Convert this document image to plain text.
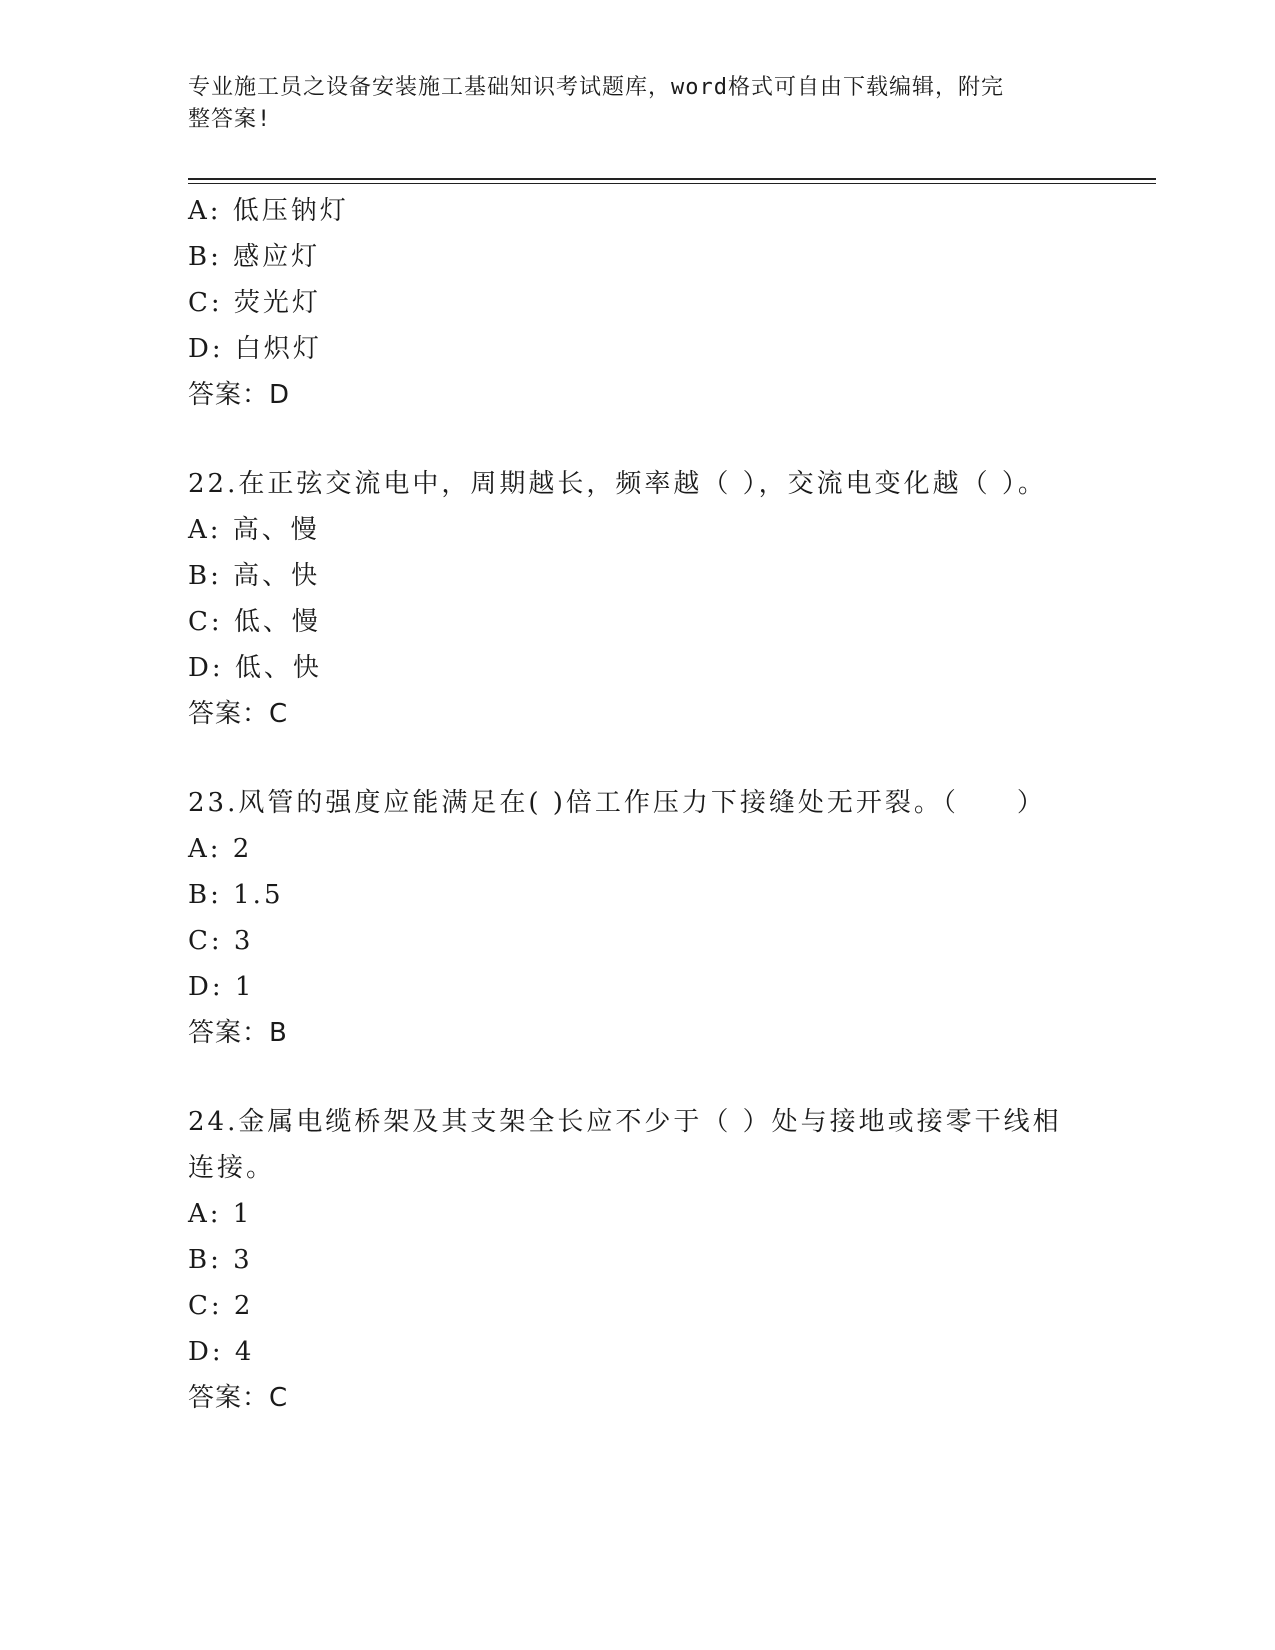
专业施工员之设备安装施工基础知识考试题库，word格式可自由下载编辑，附完
整答案!
A: 低压钠灯
B: 感应灯
C: 荧光灯
D: 白炽灯
答案：D
22.在正弦交流电中，周期越长，频率越（ ），交流电变化越（ ）。
A: 高、慢
B: 高、快
C: 低、慢
D: 低、快
答案：C
23.风管的强度应能满足在( )倍工作压力下接缝处无开裂。（　　）
A: 2
B: 1.5
C: 3
D: 1
答案：B
24.金属电缆桥架及其支架全长应不少于（ ）处与接地或接零干线相
连接。
A: 1
B: 3
C: 2
D: 4
答案：C
